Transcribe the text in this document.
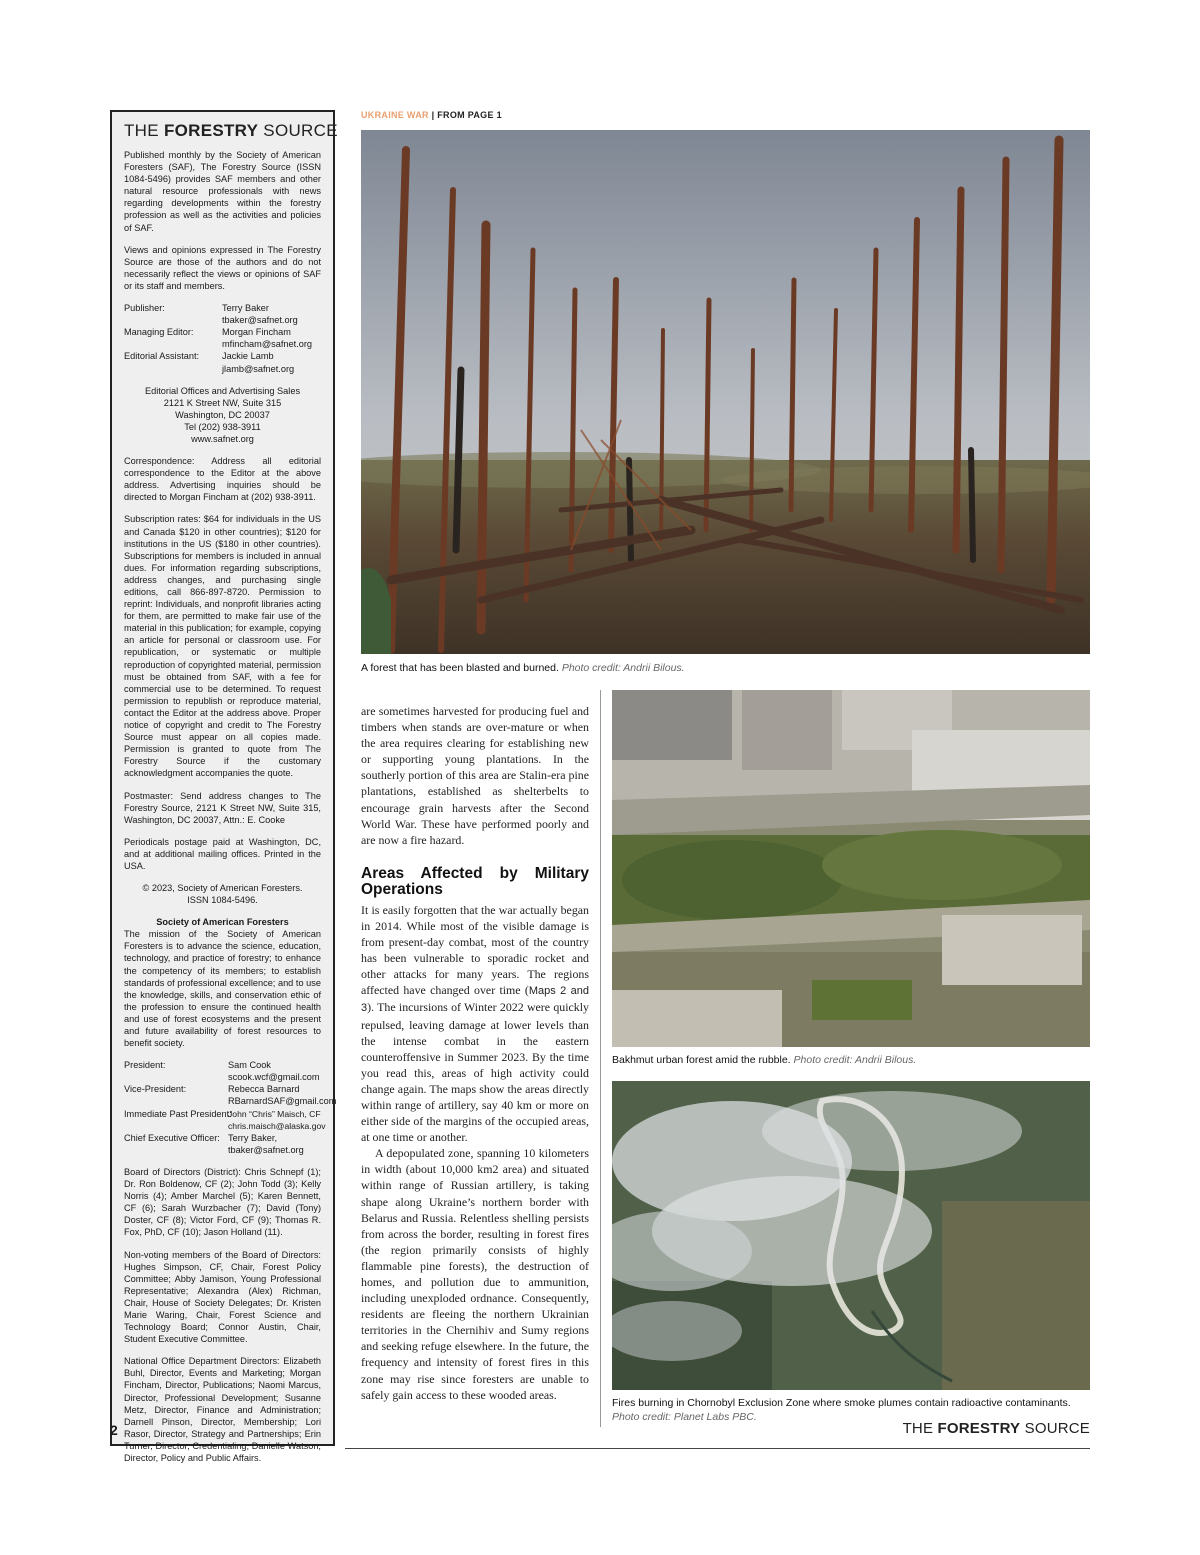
THE FORESTRY SOURCE

Published monthly by the Society of American Foresters (SAF), The Forestry Source (ISSN 1084-5496) provides SAF members and other natural resource professionals with news regarding developments within the forestry profession as well as the activities and policies of SAF.

Views and opinions expressed in The Forestry Source are those of the authors and do not necessarily reflect the views or opinions of SAF or its staff and members.

Publisher:	Terry Baker
tbaker@safnet.org
Managing Editor:	Morgan Fincham
mfincham@safnet.org
Editorial Assistant:	Jackie Lamb
jlamb@safnet.org
Editorial Offices and Advertising Sales
2121 K Street NW, Suite 315
Washington, DC 20037
Tel (202) 938-3911
www.safnet.org

Correspondence: Address all editorial correspondence to the Editor at the above address. Advertising inquiries should be directed to Morgan Fincham at (202) 938-3911.

Subscription rates: $64 for individuals in the US and Canada $120 in other countries); $120 for institutions in the US ($180 in other countries). Subscriptions for members is included in annual dues. For information regarding subscriptions, address changes, and purchasing single editions, call 866-897-8720. Permission to reprint: Individuals, and nonprofit libraries acting for them, are permitted to make fair use of the material in this publication; for example, copying an article for personal or classroom use. For republication, or systematic or multiple reproduction of copyrighted material, permission must be obtained from SAF, with a fee for commercial use to be determined. To request permission to republish or reproduce material, contact the Editor at the address above. Proper notice of copyright and credit to The Forestry Source must appear on all copies made. Permission is granted to quote from The Forestry Source if the customary acknowledgment accompanies the quote.

Postmaster: Send address changes to The Forestry Source, 2121 K Street NW, Suite 315, Washington, DC 20037, Attn.: E. Cooke

Periodicals postage paid at Washington, DC, and at additional mailing offices. Printed in the USA.

© 2023, Society of American Foresters.
ISSN 1084-5496.
Society of American Foresters

The mission of the Society of American Foresters is to advance the science, education, technology, and practice of forestry; to enhance the competency of its members; to establish standards of professional excellence; and to use the knowledge, skills, and conservation ethic of the profession to ensure the continued health and use of forest ecosystems and the present and future availability of forest resources to benefit society.

President:	Sam Cook
scook.wcf@gmail.com
Vice-President:	Rebecca Barnard
RBarnardSAF@gmail.com
Immediate Past President:
John “Chris” Maisch, CF
chris.maisch@alaska.gov
Chief Executive Officer: Terry Baker,
tbaker@safnet.org

Board of Directors (District): Chris Schnepf (1); Dr. Ron Boldenow, CF (2); John Todd (3); Kelly Norris (4); Amber Marchel (5); Karen Bennett, CF (6); Sarah Wurzbacher (7); David (Tony) Doster, CF (8); Victor Ford, CF (9); Thomas R. Fox, PhD, CF (10); Jason Holland (11).

Non-voting members of the Board of Directors: Hughes Simpson, CF, Chair, Forest Policy Committee; Abby Jamison, Young Professional Representative; Alexandra (Alex) Richman, Chair, House of Society Delegates; Dr. Kristen Marie Waring, Chair, Forest Science and Technology Board; Connor Austin, Chair, Student Executive Committee.

National Office Department Directors: Elizabeth Buhl, Director, Events and Marketing; Morgan Fincham, Director, Publications; Naomi Marcus, Director, Professional Development; Susanne Metz, Director, Finance and Administration; Darnell Pinson, Director, Membership; Lori Rasor, Director, Strategy and Partnerships; Erin Turner, Director, Credentialing; Danielle Watson, Director, Policy and Public Affairs.

UKRAINE WAR | FROM PAGE 1
A forest that has been blasted and burned. Photo credit: Andrii Bilous.

are sometimes harvested for producing fuel and timbers when stands are over-mature or when the area requires clearing for establishing new or supporting young plantations. In the southerly portion of this area are Stalin-era pine plantations, established as shelterbelts to encourage grain harvests after the Second World War. These have performed poorly and are now a fire hazard.

Areas Affected by Military Operations

It is easily forgotten that the war actually began in 2014. While most of the visible damage is from present-day combat, most of the country has been vulnerable to sporadic rocket and other attacks for many years. The regions affected have changed over time (Maps 2 and 3). The incursions of Winter 2022 were quickly repulsed, leaving damage at lower levels than the intense combat in the eastern counteroffensive in Summer 2023. By the time you read this, areas of high activity could change again. The maps show the areas directly within range of artillery, say 40 km or more on either side of the margins of the occupied areas, at one time or another.

A depopulated zone, spanning 10 kilometers in width (about 10,000 km2 area) and situated within range of Russian artillery, is taking shape along Ukraine’s northern border with Belarus and Russia. Relentless shelling persists from across the border, resulting in forest fires (the region primarily consists of highly flammable pine forests), the destruction of homes, and pollution due to ammunition, including unexploded ordnance. Consequently, residents are fleeing the northern Ukrainian territories in the Chernihiv and Sumy regions and seeking refuge elsewhere. In the future, the frequency and intensity of forest fires in this zone may rise since foresters are unable to safely gain access to these wooded areas.

Bakhmut urban forest amid the rubble. Photo credit: Andrii Bilous.
Fires burning in Chornobyl Exclusion Zone where smoke plumes contain radioactive contaminants. Photo credit: Planet Labs PBC.
2	THE FORESTRY SOURCE
